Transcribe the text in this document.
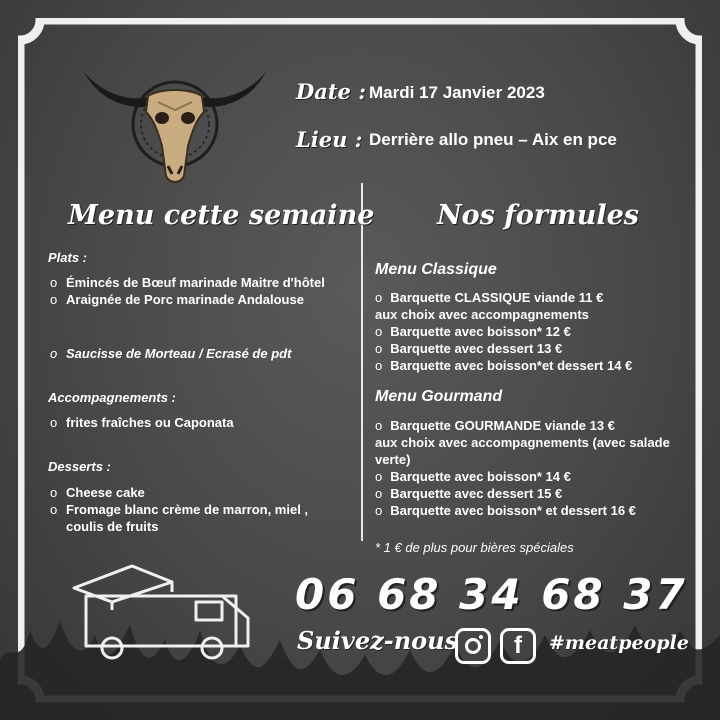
Date : Mardi 17 Janvier 2023
Lieu : Derrière allo pneu – Aix en pce
Menu cette semaine
Plats :
o Émincés de Bœuf marinade Maitre d'hôtel
o Araignée de Porc marinade Andalouse
o Saucisse de Morteau / Ecrasé de pdt
Accompagnements :
o frites fraîches ou Caponata
Desserts :
o Cheese cake
o Fromage blanc crème de marron, miel , coulis de fruits
Nos formules
Menu Classique
o Barquette CLASSIQUE viande 11 €
aux choix avec accompagnements
o Barquette avec boisson* 12 €
o Barquette avec dessert 13 €
o Barquette avec boisson*et dessert 14 €
Menu Gourmand
o Barquette GOURMANDE viande 13 €
aux choix avec accompagnements (avec salade verte)
o Barquette avec boisson* 14 €
o Barquette avec dessert 15 €
o Barquette avec boisson* et dessert 16 €
* 1 € de plus pour bières spéciales
06 68 34 68 37
Suivez-nous	f	#meatpeople
